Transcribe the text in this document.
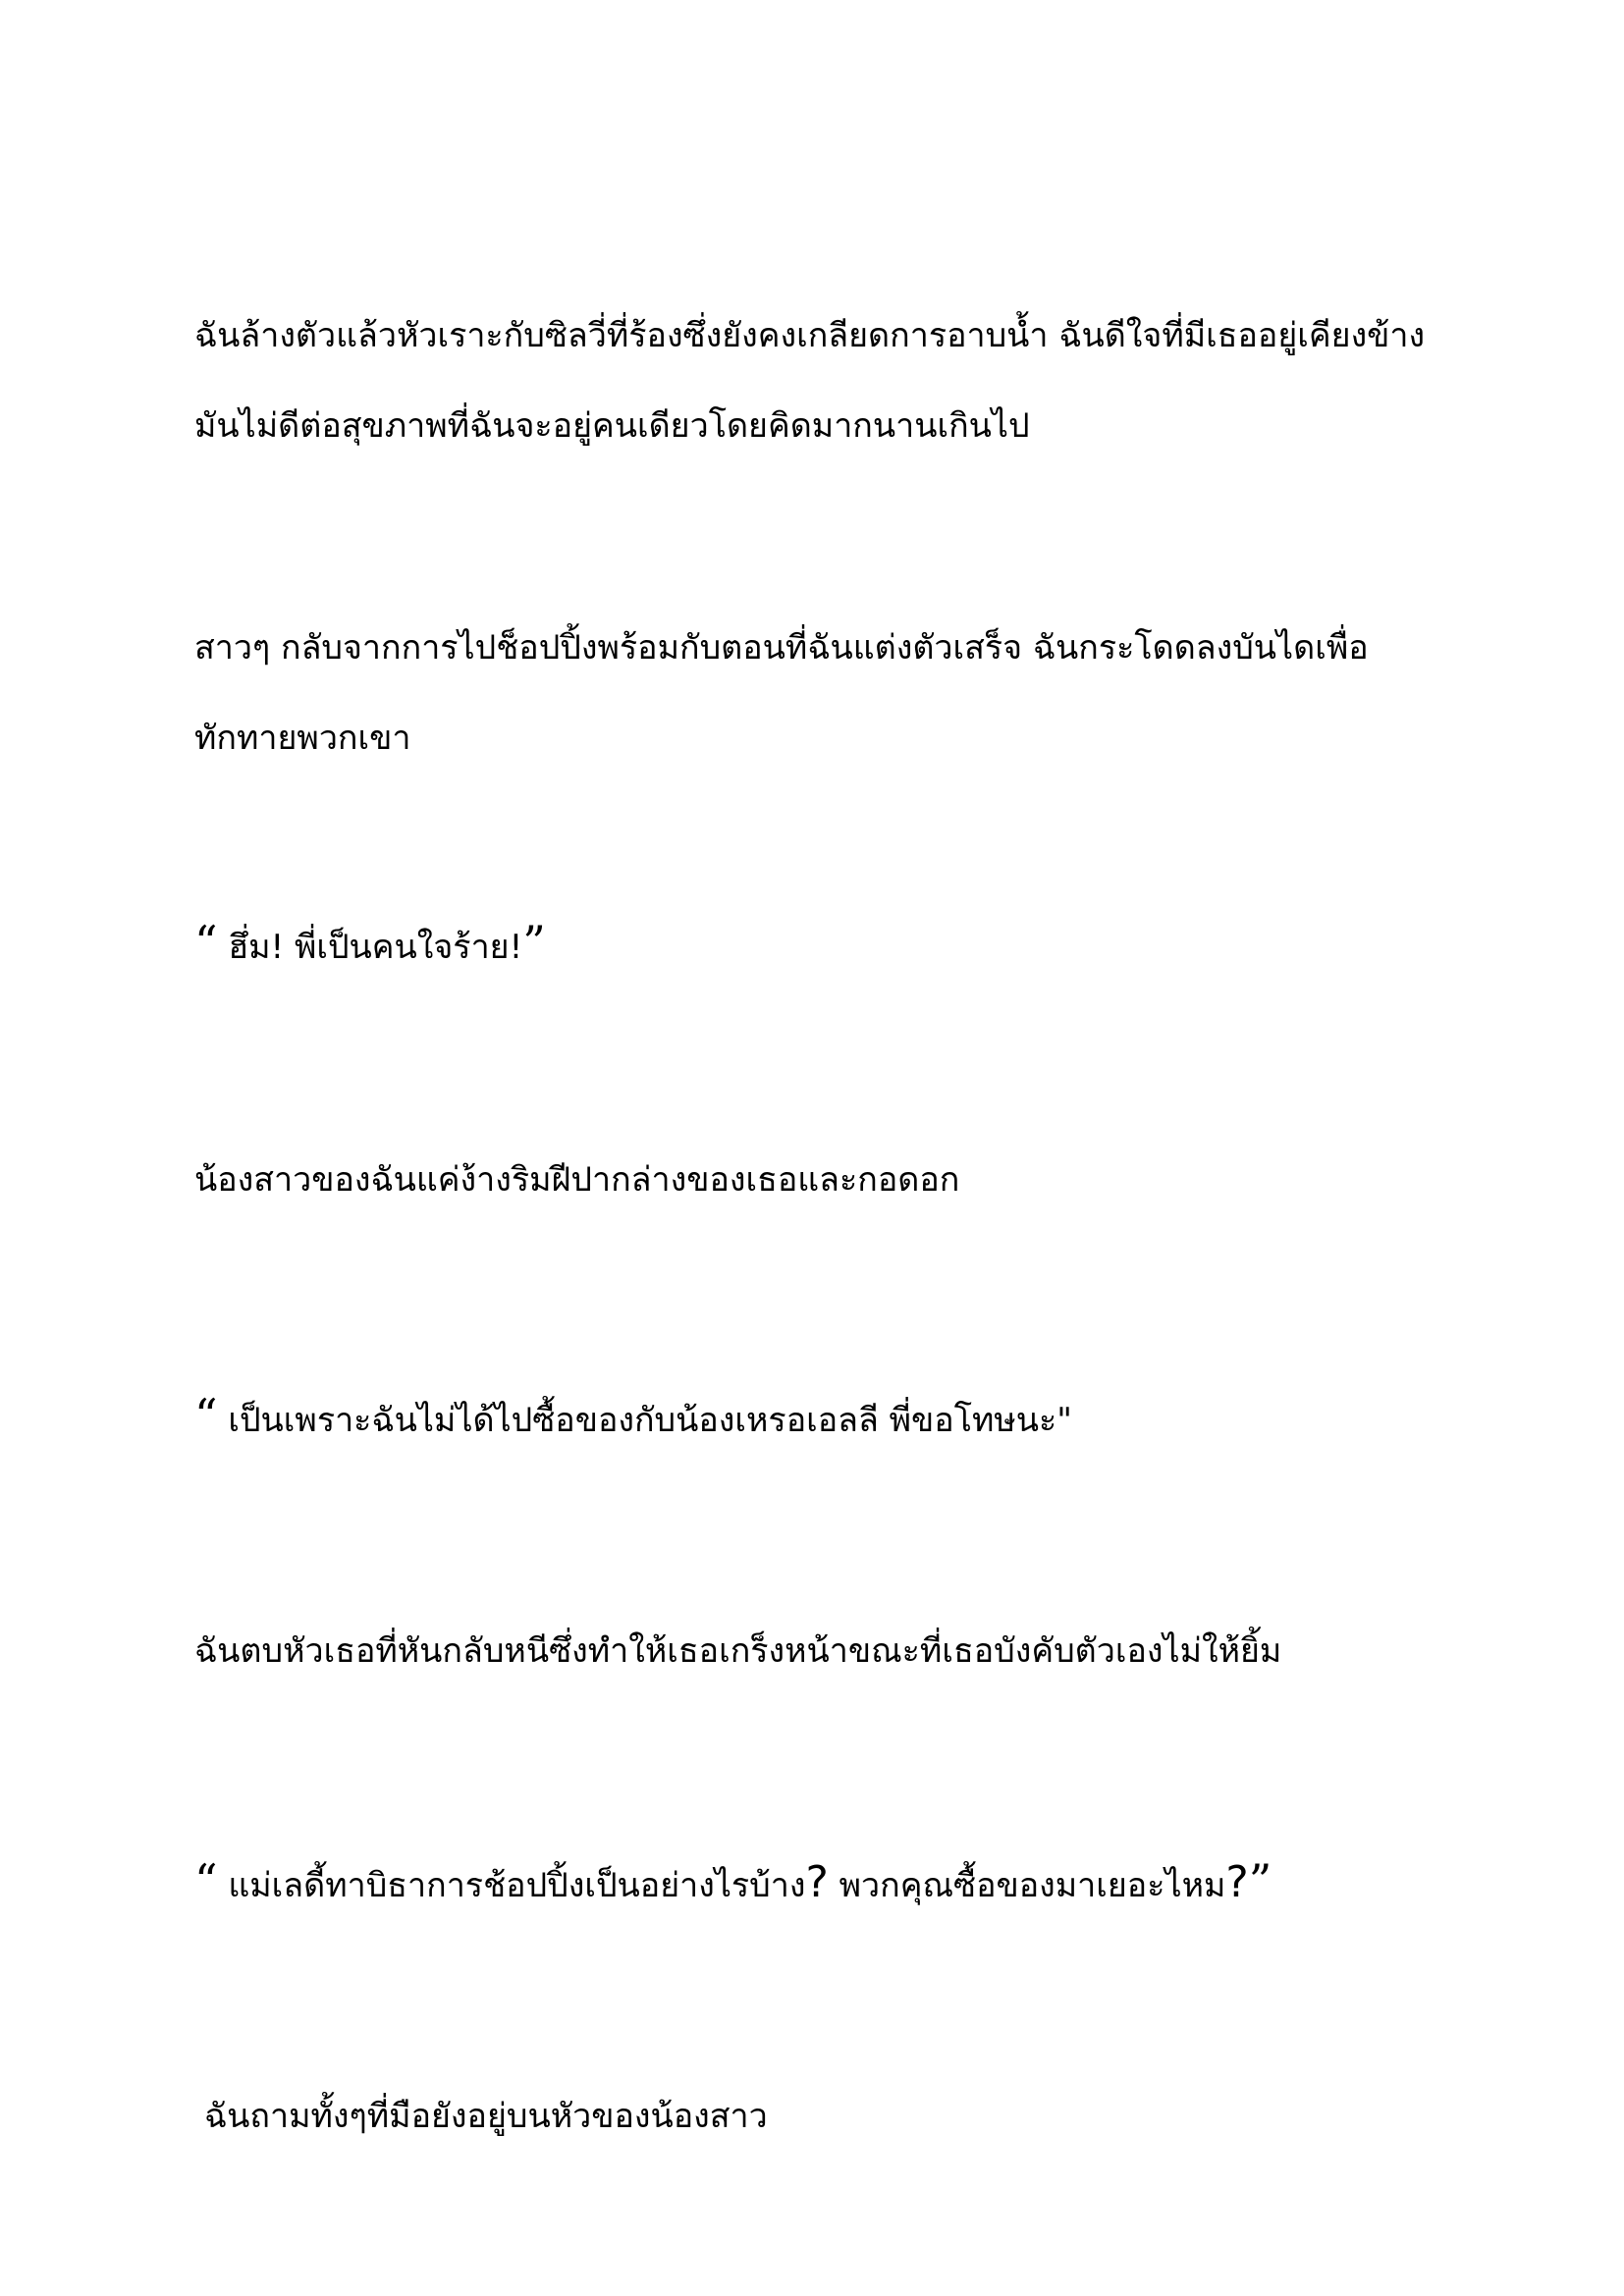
ฉันล้างตัวแล้วหัวเราะกับซิลวี่ที่ร้องซึ่งยังคงเกลียดการอาบน้ำ ฉันดีใจที่มีเธออยู่เคียงข้าง มันไม่ดีต่อสุขภาพที่ฉันจะอยู่คนเดียวโดยคิดมากนานเกินไป

สาวๆ กลับจากการไปช็อปปิ้งพร้อมกับตอนที่ฉันแต่งตัวเสร็จ ฉันกระโดดลงบันไดเพื่อทักทายพวกเขา

“ ฮึ่ม! พี่เป็นคนใจร้าย!”

น้องสาวของฉันแค่ง้างริมฝีปากล่างของเธอและกอดอก

“ เป็นเพราะฉันไม่ได้ไปซื้อของกับน้องเหรอเอลลี พี่ขอโทษนะ"

ฉันตบหัวเธอที่หันกลับหนีซึ่งทำให้เธอเกร็งหน้าขณะที่เธอบังคับตัวเองไม่ให้ยิ้ม

“ แม่เลดี้ทาบิธาการช้อปปิ้งเป็นอย่างไรบ้าง? พวกคุณซื้อของมาเยอะไหม?”

ฉันถามทั้งๆที่มือยังอยู่บนหัวของน้องสาว
